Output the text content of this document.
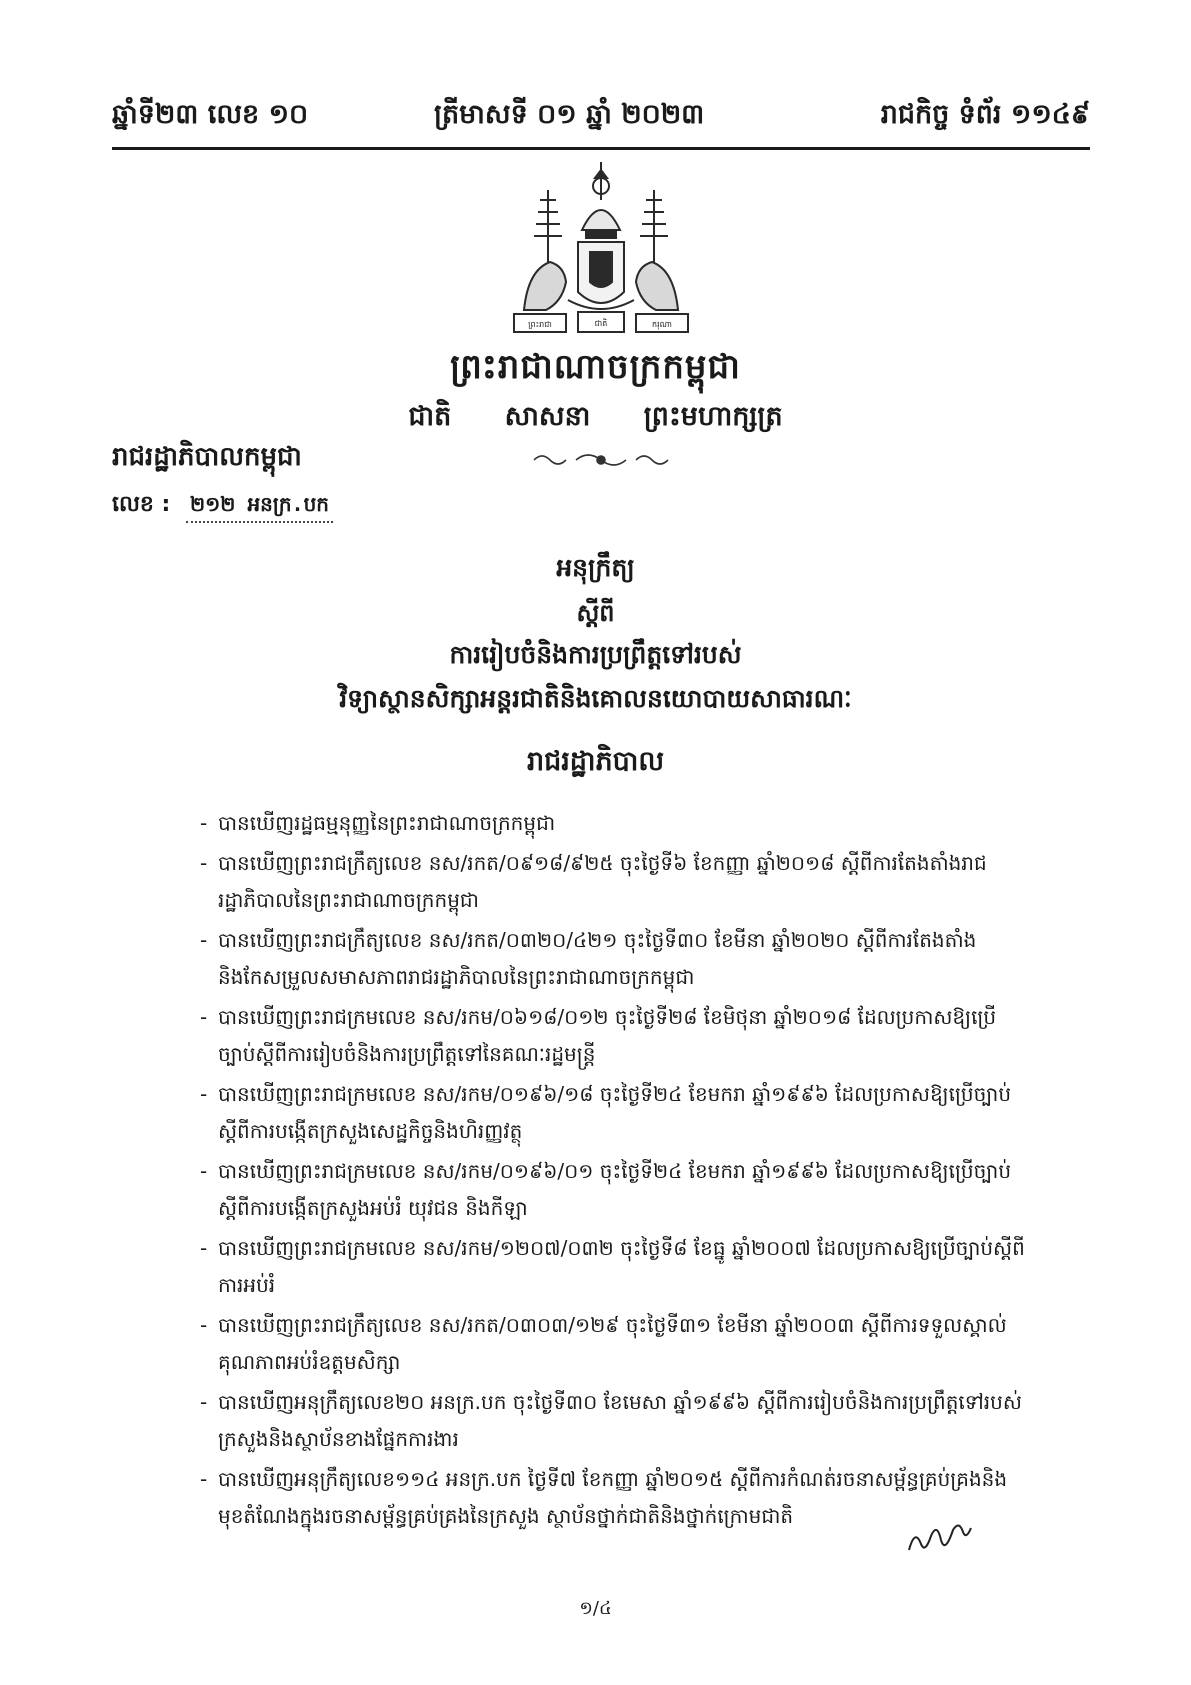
ឆ្នាំទី២៣ លេខ ១០	ត្រីមាសទី ០១ ឆ្នាំ ២០២៣	រាជកិច្ច ទំព័រ ១១៤៩
ព្រះរាជា	ជាតិ	ករុណា
ព្រះរាជាណាចក្រកម្ពុជា
ជាតិ សាសនា ព្រះមហាក្សត្រ
រាជរដ្ឋាភិបាលកម្ពុជា
លេខ : ២១២ អនក្រ.បក
អនុក្រឹត្យ
ស្តីពី
ការរៀបចំនិងការប្រព្រឹត្តទៅរបស់
វិទ្យាស្ថានសិក្សាអន្តរជាតិនិងគោលនយោបាយសាធារណៈ
រាជរដ្ឋាភិបាល
- បានឃើញរដ្ឋធម្មនុញ្ញនៃព្រះរាជាណាចក្រកម្ពុជា
- បានឃើញព្រះរាជក្រឹត្យលេខ នស/រកត/០៩១៨/៩២៥ ចុះថ្ងៃទី៦ ខែកញ្ញា ឆ្នាំ២០១៨ ស្តីពីការតែងតាំងរាជរដ្ឋាភិបាលនៃព្រះរាជាណាចក្រកម្ពុជា
- បានឃើញព្រះរាជក្រឹត្យលេខ នស/រកត/០៣២០/៤២១ ចុះថ្ងៃទី៣០ ខែមីនា ឆ្នាំ២០២០ ស្តីពីការតែងតាំងនិងកែសម្រួលសមាសភាពរាជរដ្ឋាភិបាលនៃព្រះរាជាណាចក្រកម្ពុជា
- បានឃើញព្រះរាជក្រមលេខ នស/រកម/០៦១៨/០១២ ចុះថ្ងៃទី២៨ ខែមិថុនា ឆ្នាំ២០១៨ ដែលប្រកាសឱ្យប្រើច្បាប់ស្តីពីការរៀបចំនិងការប្រព្រឹត្តទៅនៃគណៈរដ្ឋមន្ត្រី
- បានឃើញព្រះរាជក្រមលេខ នស/រកម/០១៩៦/១៨ ចុះថ្ងៃទី២៤ ខែមករា ឆ្នាំ១៩៩៦ ដែលប្រកាសឱ្យប្រើច្បាប់ស្តីពីការបង្កើតក្រសួងសេដ្ឋកិច្ចនិងហិរញ្ញវត្ថុ
- បានឃើញព្រះរាជក្រមលេខ នស/រកម/០១៩៦/០១ ចុះថ្ងៃទី២៤ ខែមករា ឆ្នាំ១៩៩៦ ដែលប្រកាសឱ្យប្រើច្បាប់ស្តីពីការបង្កើតក្រសួងអប់រំ យុវជន និងកីឡា
- បានឃើញព្រះរាជក្រមលេខ នស/រកម/១២០៧/០៣២ ចុះថ្ងៃទី៨ ខែធ្នូ ឆ្នាំ២០០៧ ដែលប្រកាសឱ្យប្រើច្បាប់ស្តីពីការអប់រំ
- បានឃើញព្រះរាជក្រឹត្យលេខ នស/រកត/០៣០៣/១២៩ ចុះថ្ងៃទី៣១ ខែមីនា ឆ្នាំ២០០៣ ស្តីពីការទទួលស្គាល់គុណភាពអប់រំឧត្តមសិក្សា
- បានឃើញអនុក្រឹត្យលេខ២០ អនក្រ.បក ចុះថ្ងៃទី៣០ ខែមេសា ឆ្នាំ១៩៩៦ ស្តីពីការរៀបចំនិងការប្រព្រឹត្តទៅរបស់ក្រសួងនិងស្ថាប័នខាងផ្នែកការងារ
- បានឃើញអនុក្រឹត្យលេខ១១៤ អនក្រ.បក ថ្ងៃទី៧ ខែកញ្ញា ឆ្នាំ២០១៥ ស្តីពីការកំណត់រចនាសម្ព័ន្ធគ្រប់គ្រងនិងមុខតំណែងក្នុងរចនាសម្ព័ន្ធគ្រប់គ្រងនៃក្រសួង ស្ថាប័នថ្នាក់ជាតិនិងថ្នាក់ក្រោមជាតិ
១/៤
